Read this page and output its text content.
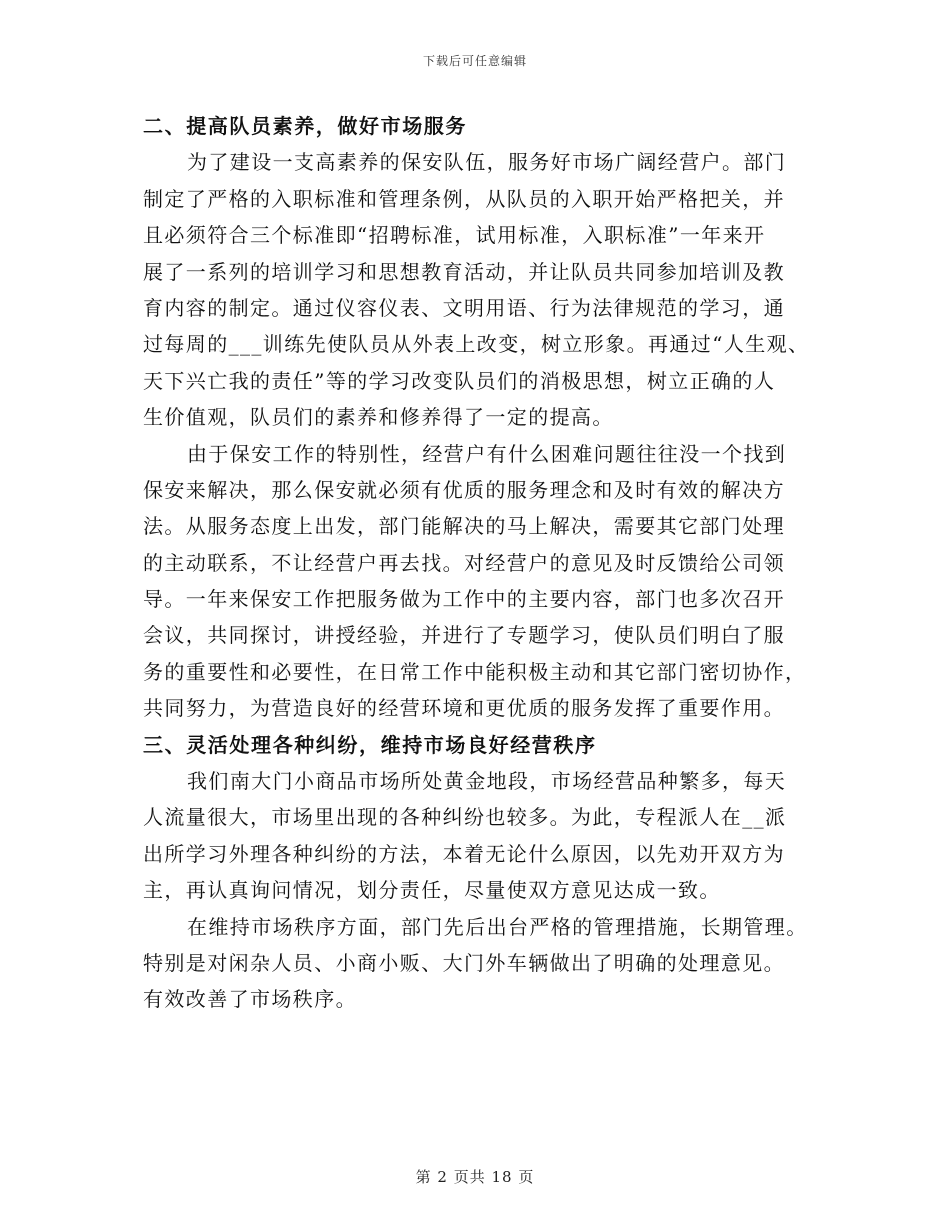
下载后可任意编辑
二、提高队员素养，做好市场服务
为了建设一支高素养的保安队伍，服务好市场广阔经营户。部门
制定了严格的入职标准和管理条例，从队员的入职开始严格把关，并
且必须符合三个标准即“招聘标准，试用标准，入职标准”一年来开
展了一系列的培训学习和思想教育活动，并让队员共同参加培训及教
育内容的制定。通过仪容仪表、文明用语、行为法律规范的学习，通
过每周的___训练先使队员从外表上改变，树立形象。再通过“人生观、
天下兴亡我的责任”等的学习改变队员们的消极思想，树立正确的人
生价值观，队员们的素养和修养得了一定的提高。
由于保安工作的特别性，经营户有什么困难问题往往没一个找到
保安来解决，那么保安就必须有优质的服务理念和及时有效的解决方
法。从服务态度上出发，部门能解决的马上解决，需要其它部门处理
的主动联系，不让经营户再去找。对经营户的意见及时反馈给公司领
导。一年来保安工作把服务做为工作中的主要内容，部门也多次召开
会议，共同探讨，讲授经验，并进行了专题学习，使队员们明白了服
务的重要性和必要性，在日常工作中能积极主动和其它部门密切协作，
共同努力，为营造良好的经营环境和更优质的服务发挥了重要作用。
三、灵活处理各种纠纷，维持市场良好经营秩序
我们南大门小商品市场所处黄金地段，市场经营品种繁多，每天
人流量很大，市场里出现的各种纠纷也较多。为此，专程派人在__派
出所学习外理各种纠纷的方法，本着无论什么原因，以先劝开双方为
主，再认真询问情况，划分责任，尽量使双方意见达成一致。
在维持市场秩序方面，部门先后出台严格的管理措施，长期管理。
特别是对闲杂人员、小商小贩、大门外车辆做出了明确的处理意见。
有效改善了市场秩序。
第 2 页共 18 页
